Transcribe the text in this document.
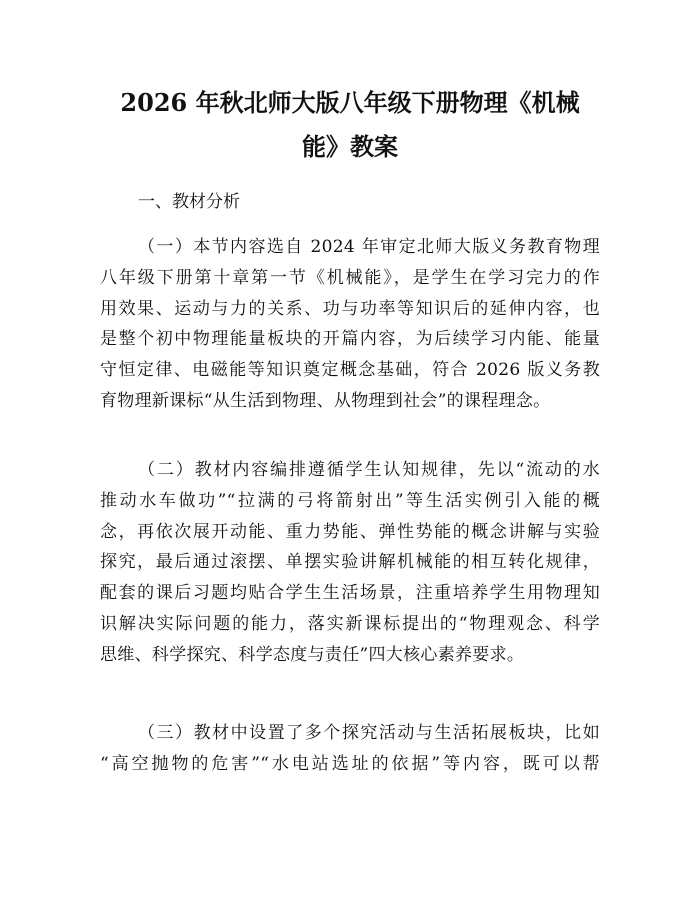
2026 年秋北师大版八年级下册物理《机械
能》教案
一、教材分析
（一）本节内容选自 2024 年审定北师大版义务教育物理
八年级下册第十章第一节《机械能》，是学生在学习完力的作
用效果、运动与力的关系、功与功率等知识后的延伸内容，也
是整个初中物理能量板块的开篇内容，为后续学习内能、能量
守恒定律、电磁能等知识奠定概念基础，符合 2026 版义务教
育物理新课标“从生活到物理、从物理到社会”的课程理念。
（二）教材内容编排遵循学生认知规律，先以“流动的水
推动水车做功”“拉满的弓将箭射出”等生活实例引入能的概
念，再依次展开动能、重力势能、弹性势能的概念讲解与实验
探究，最后通过滚摆、单摆实验讲解机械能的相互转化规律，
配套的课后习题均贴合学生生活场景，注重培养学生用物理知
识解决实际问题的能力，落实新课标提出的“物理观念、科学
思维、科学探究、科学态度与责任”四大核心素养要求。
（三）教材中设置了多个探究活动与生活拓展板块，比如
“高空抛物的危害”“水电站选址的依据”等内容，既可以帮
